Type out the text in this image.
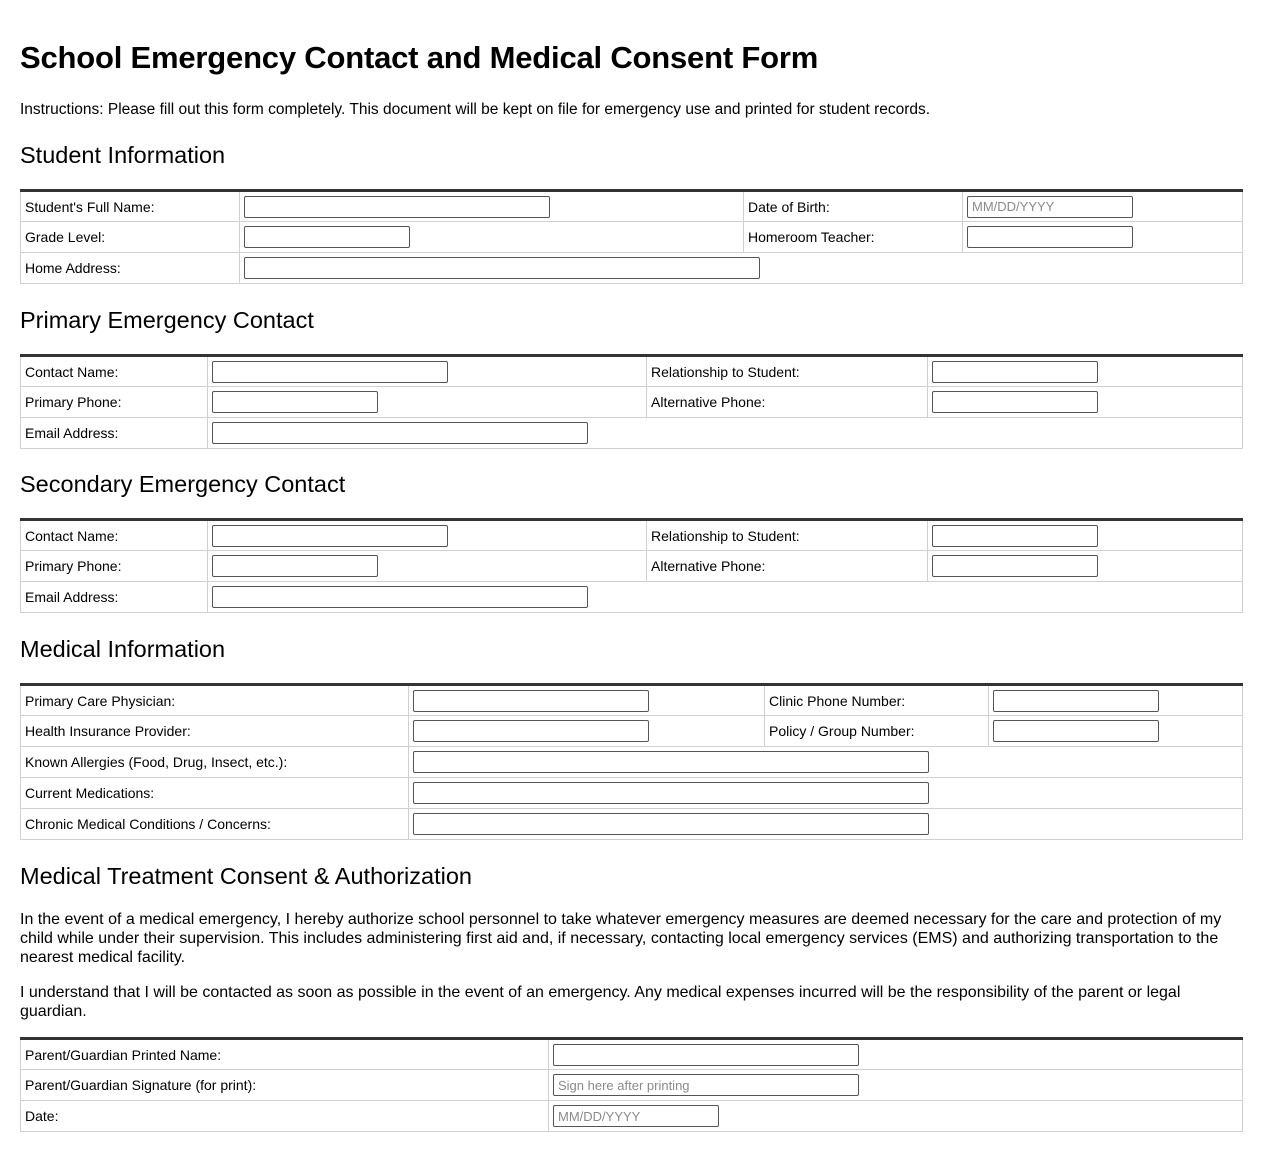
School Emergency Contact and Medical Consent Form

Instructions: Please fill out this form completely. This document will be kept on file for emergency use and printed for student records.

Student Information
Student's Full Name:		Date of Birth:	
MM/DD/YYYY
Grade Level:		Homeroom Teacher:	

Home Address:	
Primary Emergency Contact
Contact Name:		Relationship to Student:	

Primary Phone:		Alternative Phone:	

Email Address:	
Secondary Emergency Contact
Contact Name:		Relationship to Student:	

Primary Phone:		Alternative Phone:	

Email Address:	
Medical Information
Primary Care Physician:		Clinic Phone Number:	

Health Insurance Provider:		Policy / Group Number:	

Known Allergies (Food, Drug, Insect, etc.):	

Current Medications:	

Chronic Medical Conditions / Concerns:	
Medical Treatment Consent & Authorization

In the event of a medical emergency, I hereby authorize school personnel to take whatever emergency measures are deemed necessary for the care and protection of my child while under their supervision. This includes administering first aid and, if necessary, contacting local emergency services (EMS) and authorizing transportation to the nearest medical facility.

I understand that I will be contacted as soon as possible in the event of an emergency. Any medical expenses incurred will be the responsibility of the parent or legal guardian.

Parent/Guardian Printed Name:	

Parent/Guardian Signature (for print):	
Sign here after printing
Date:	
MM/DD/YYYY
